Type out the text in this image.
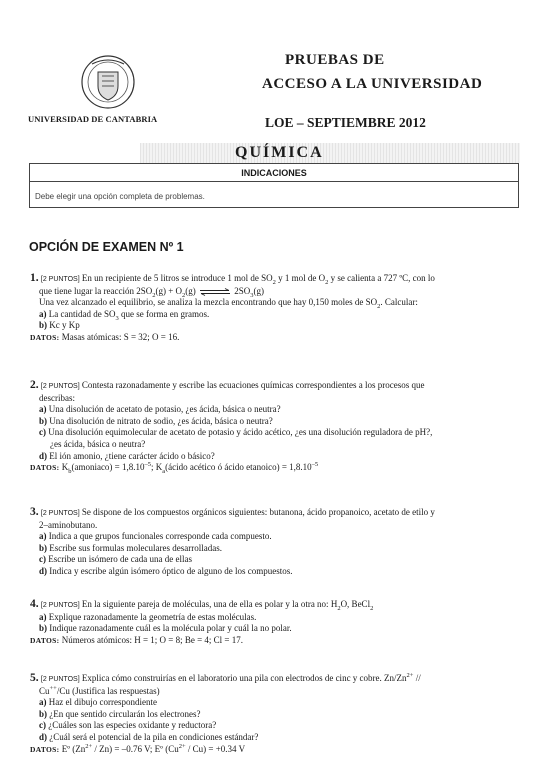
UNIVERSIDAD DE CANTABRIA
PRUEBAS DE
ACCESO A LA UNIVERSIDAD
LOE – SEPTIEMBRE 2012
QUÍMICA
INDICACIONES
Debe elegir una opción completa de problemas.
OPCIÓN DE EXAMEN Nº 1
1. [2 PUNTOS] En un recipiente de 5 litros se introduce 1 mol de $SO_2$ y 1 mol de $O_2$ y se calienta a 727 ºC, con lo
que tiene lugar la reacción $2SO_2(g) + O_2(g)$ ⇌ $2SO_3(g)$
Una vez alcanzado el equilibrio, se analiza la mezcla encontrando que hay 0,150 moles de $SO_2$. Calcular:
a) La cantidad de $SO_3$ que se forma en gramos.
b) Kc y Kp
DATOS: Masas atómicas: S = 32; O = 16.
2. [2 PUNTOS] Contesta razonadamente y escribe las ecuaciones químicas correspondientes a los procesos que
describas:
a) Una disolución de acetato de potasio, ¿es ácida, básica o neutra?
b) Una disolución de nitrato de sodio, ¿es ácida, básica o neutra?
c) Una disolución equimolecular de acetato de potasio y ácido acético, ¿es una disolución reguladora de pH?,
¿es ácida, básica o neutra?
d) El ión amonio, ¿tiene carácter ácido o básico?
DATOS: $K_b(amoniaco) = 1,8.10^{-5}$; $K_a(ácido$ acético ó ácido etanoico) = $1,8.10^{-5}$
3. [2 PUNTOS] Se dispone de los compuestos orgánicos siguientes: butanona, ácido propanoico, acetato de etilo y
2–aminobutano.
a) Indica a que grupos funcionales corresponde cada compuesto.
b) Escribe sus formulas moleculares desarrolladas.
c) Escribe un isómero de cada una de ellas
d) Indica y escribe algún isómero óptico de alguno de los compuestos.
4. [2 PUNTOS] En la siguiente pareja de moléculas, una de ella es polar y la otra no: $H_2O$, BeCl$_2$
a) Explique razonadamente la geometría de estas moléculas.
b) Indique razonadamente cuál es la molécula polar y cuál la no polar.
DATOS: Números atómicos: H = 1; O = 8; Be = 4; Cl = 17.
5. [2 PUNTOS] Explica cómo construirías en el laboratorio una pila con electrodos de cinc y cobre. $Zn/Zn^{2+}$ //
Cu++/Cu (Justifica las respuestas)
a) Haz el dibujo correspondiente
b) ¿En que sentido circularán los electrones?
c) ¿Cuáles son las especies oxidante y reductora?
d) ¿Cuál será el potencial de la pila en condiciones estándar?
DATOS: Eº $(Zn^{2+} / Zn) = -0.76$ V; Eº $(Cu^{2+} / Cu) = +0.34$ V
